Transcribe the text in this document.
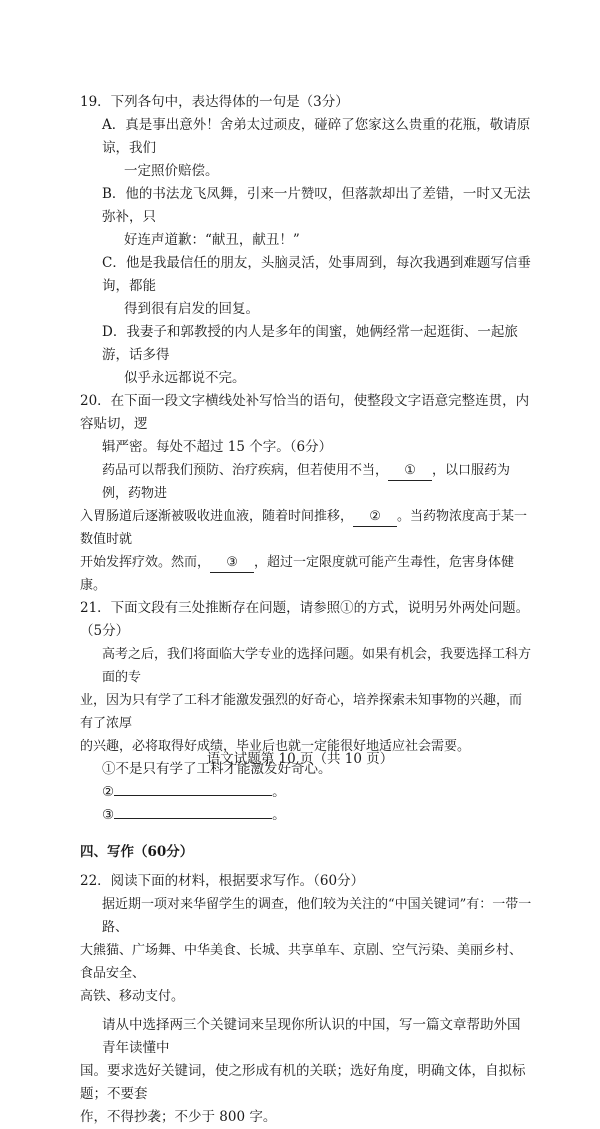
19．下列各句中，表达得体的一句是（3分）
A．真是事出意外！舍弟太过顽皮，碰碎了您家这么贵重的花瓶，敬请原谅，我们
一定照价赔偿。
B．他的书法龙飞凤舞，引来一片赞叹，但落款却出了差错，一时又无法弥补，只
好连声道歉：“献丑，献丑！”
C．他是我最信任的朋友，头脑灵活，处事周到，每次我遇到难题写信垂询，都能
得到很有启发的回复。
D．我妻子和郭教授的内人是多年的闺蜜，她俩经常一起逛街、一起旅游，话多得
似乎永远都说不完。
20．在下面一段文字横线处补写恰当的语句，使整段文字语意完整连贯，内容贴切，逻
辑严密。每处不超过 15 个字。（6分）
药品可以帮我们预防、治疗疾病，但若使用不当， ① ，以口服药为例，药物进
入胃肠道后逐渐被吸收进血液，随着时间推移， ② 。当药物浓度高于某一数值时就
开始发挥疗效。然而， ③ ，超过一定限度就可能产生毒性，危害身体健康。
21．下面文段有三处推断存在问题，请参照①的方式，说明另外两处问题。（5分）
高考之后，我们将面临大学专业的选择问题。如果有机会，我要选择工科方面的专
业，因为只有学了工科才能激发强烈的好奇心，培养探索未知事物的兴趣，而有了浓厚
的兴趣，必将取得好成绩，毕业后也就一定能很好地适应社会需要。
①不是只有学了工科才能激发好奇心。
②	。
③	。
四、写作（60分）
22．阅读下面的材料，根据要求写作。（60分）
据近期一项对来华留学生的调查，他们较为关注的“中国关键词”有：一带一路、
大熊猫、广场舞、中华美食、长城、共享单车、京剧、空气污染、美丽乡村、食品安全、
高铁、移动支付。
请从中选择两三个关键词来呈现你所认识的中国，写一篇文章帮助外国青年读懂中
国。要求选好关键词，使之形成有机的关联；选好角度，明确文体，自拟标题；不要套
作，不得抄袭；不少于 800 字。
语文试题第 10 页（共 10 页）
